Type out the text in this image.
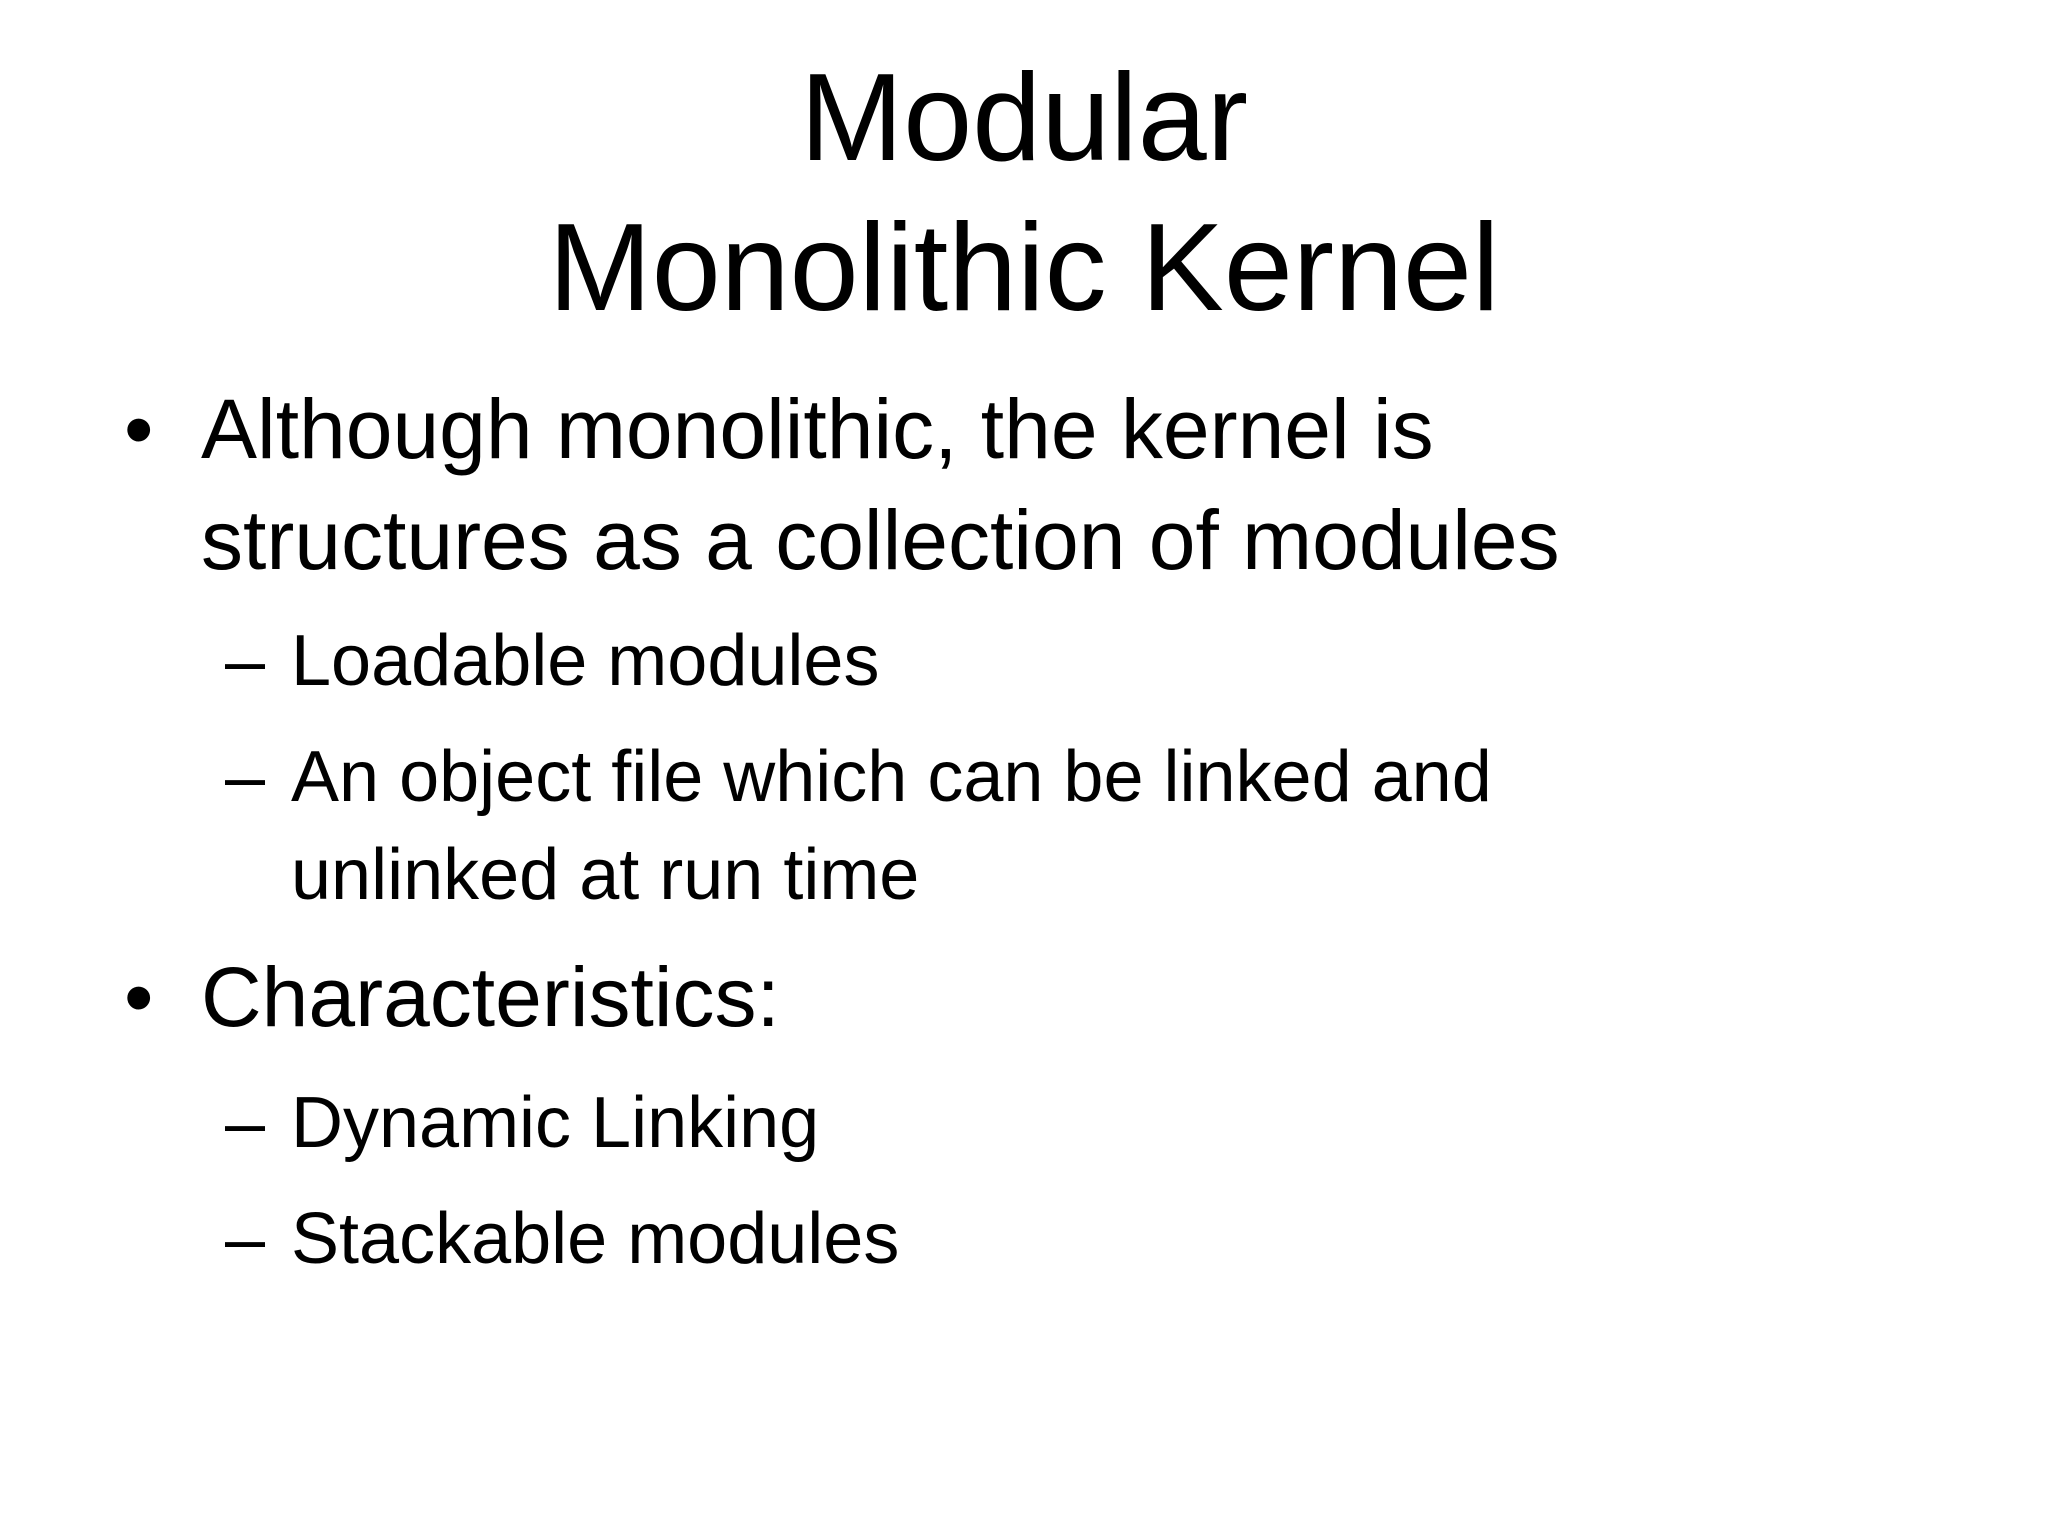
Modular
Monolithic Kernel
• Although monolithic, the kernel is
structures as a collection of modules
– Loadable modules
– An object file which can be linked and
unlinked at run time
• Characteristics:
– Dynamic Linking
– Stackable modules
